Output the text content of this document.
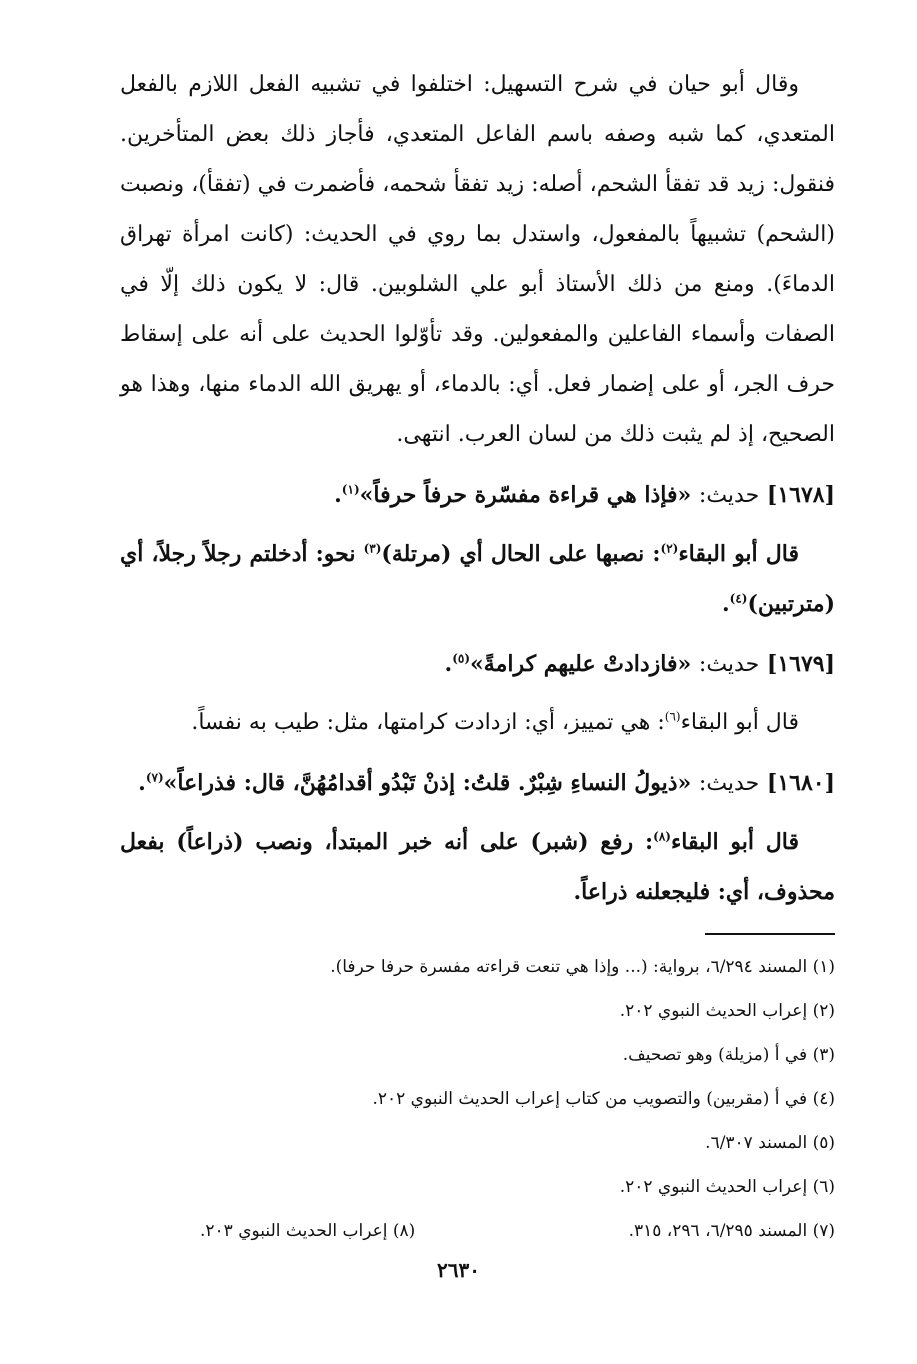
وقال أبو حيان في شرح التسهيل: اختلفوا في تشبيه الفعل اللازم بالفعل المتعدي، كما شبه وصفه باسم الفاعل المتعدي، فأجاز ذلك بعض المتأخرين. فنقول: زيد قد تفقأ الشحم، أصله: زيد تفقأ شحمه، فأضمرت في (تفقأ)، ونصبت (الشحم) تشبيهاً بالمفعول، واستدل بما روي في الحديث: (كانت امرأة تهراق الدماءَ). ومنع من ذلك الأستاذ أبو علي الشلوبين. قال: لا يكون ذلك إلّا في الصفات وأسماء الفاعلين والمفعولين. وقد تأوّلوا الحديث على أنه على إسقاط حرف الجر، أو على إضمار فعل. أي: بالدماء، أو يهريق الله الدماء منها، وهذا هو الصحيح، إذ لم يثبت ذلك من لسان العرب. انتهى.

[١٦٧٨] حديث: «فإذا هي قراءة مفسّرة حرفاً حرفاً»$^{(١)}$.

قال أبو البقاء$^{(٢)}$: نصبها على الحال أي (مرتلة)$^{(٣)}$ نحو: أدخلتم رجلاً رجلاً، أي (مترتبين)$^{(٤)}$.

[١٦٧٩] حديث: «فازدادتْ عليهم كرامةً»$^{(٥)}$.

قال أبو البقاء$^{(٦)}$: هي تمييز، أي: ازدادت كرامتها، مثل: طيب به نفساً.

[١٦٨٠] حديث: «ذيولُ النساءِ شِبْرٌ. قلتُ: إذنْ تَبْدُو أقدامُهُنَّ، قال: فذراعاً»$^{(٧)}$.

قال أبو البقاء$^{(٨)}$: رفع (شبر) على أنه خبر المبتدأ، ونصب (ذراعاً) بفعل محذوف، أي: فليجعلنه ذراعاً.

(١) المسند ٦/٢٩٤، برواية: (... وإذا هي تنعت قراءته مفسرة حرفا حرفا).
(٢) إعراب الحديث النبوي ٢٠٢.
(٣) في أ (مزيلة) وهو تصحيف.
(٤) في أ (مقربين) والتصويب من كتاب إعراب الحديث النبوي ٢٠٢.
(٥) المسند ٦/٣٠٧.
(٦) إعراب الحديث النبوي ٢٠٢.
(٧) المسند ٦/٢٩٥، ٢٩٦، ٣١٥.
(٨) إعراب الحديث النبوي ٢٠٣.
٢٦٣٠
